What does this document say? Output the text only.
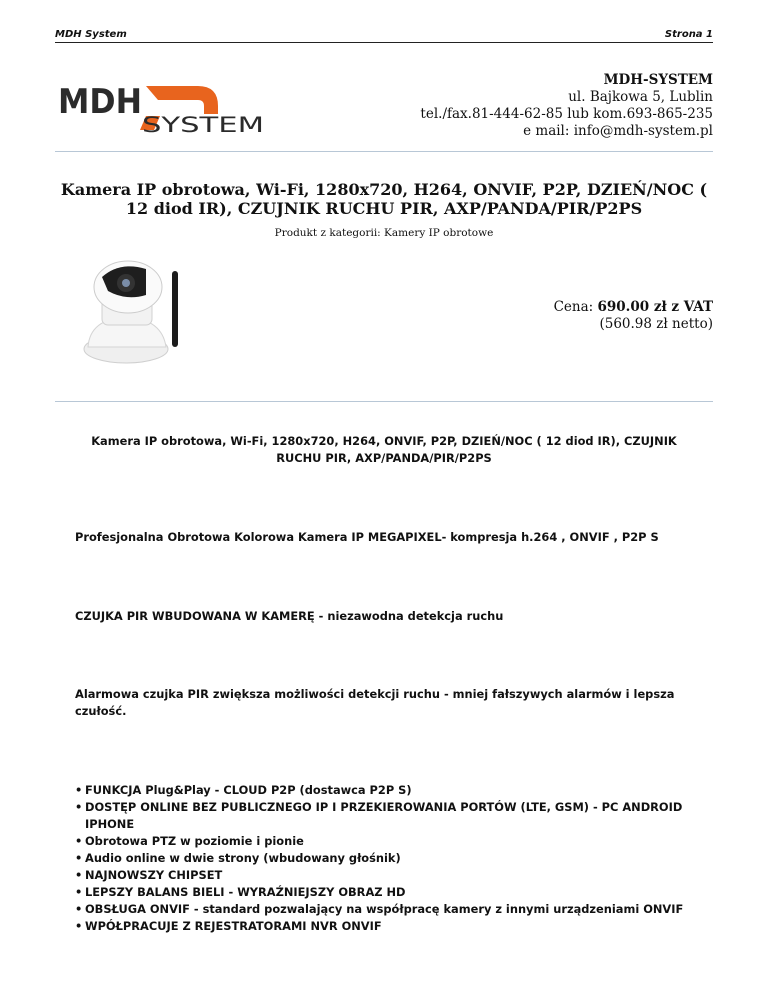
MDH System	Strona 1
MDH
SYSTEM
MDH-SYSTEM
ul. Bajkowa 5, Lublin
tel./fax.81-444-62-85 lub kom.693-865-235
e mail: info@mdh-system.pl
Kamera IP obrotowa, Wi-Fi, 1280x720, H264, ONVIF, P2P, DZIEŃ/NOC ( 12 diod IR), CZUJNIK RUCHU PIR, AXP/PANDA/PIR/P2PS
Produkt z kategorii: Kamery IP obrotowe
Cena: 690.00 zł z VAT
(560.98 zł netto)
Kamera IP obrotowa, Wi-Fi, 1280x720, H264, ONVIF, P2P, DZIEŃ/NOC ( 12 diod IR), CZUJNIK RUCHU PIR, AXP/PANDA/PIR/P2PS
Profesjonalna Obrotowa Kolorowa Kamera IP MEGAPIXEL- kompresja h.264 , ONVIF , P2P S
CZUJKA PIR WBUDOWANA W KAMERĘ - niezawodna detekcja ruchu
Alarmowa czujka PIR zwiększa możliwości detekcji ruchu - mniej fałszywych alarmów i lepsza czułość.
• FUNKCJA Plug&Play - CLOUD P2P (dostawca P2P S)
• DOSTĘP ONLINE BEZ PUBLICZNEGO IP I PRZEKIEROWANIA PORTÓW (LTE, GSM) - PC ANDROID IPHONE
• Obrotowa PTZ w poziomie i pionie
• Audio online w dwie strony (wbudowany głośnik)
• NAJNOWSZY CHIPSET
• LEPSZY BALANS BIELI - WYRAŹNIEJSZY OBRAZ HD
• OBSŁUGA ONVIF - standard pozwalający na współpracę kamery z innymi urządzeniami ONVIF
• WPÓŁPRACUJE Z REJESTRATORAMI NVR ONVIF
